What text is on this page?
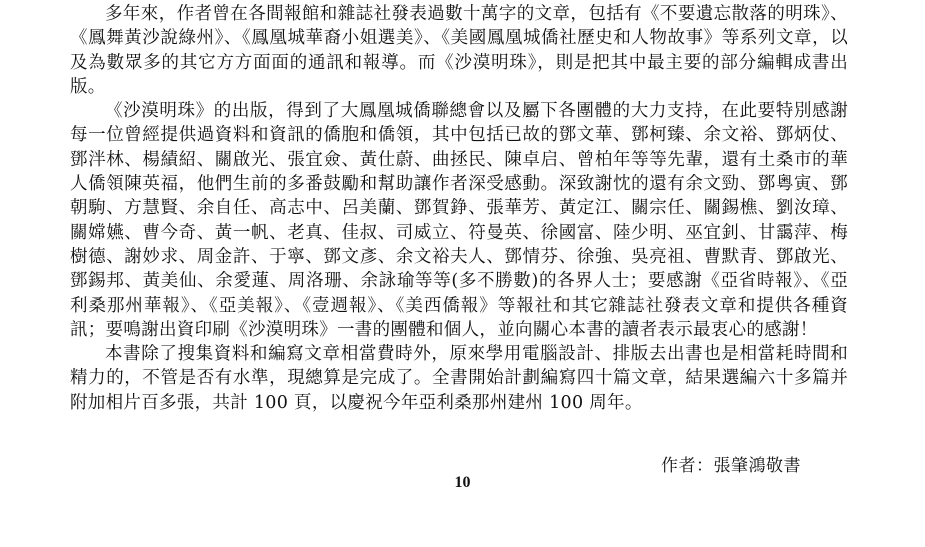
多年來，作者曾在各間報館和雜誌社發表過數十萬字的文章，包括有《不要遺忘散落的明珠》、《鳳舞黃沙說綠州》、《鳳凰城華裔小姐選美》、《美國鳳凰城僑社歷史和人物故事》等系列文章，以及為數眾多的其它方方面面的通訊和報導。而《沙漠明珠》，則是把其中最主要的部分編輯成書出版。

《沙漠明珠》的出版，得到了大鳳凰城僑聯總會以及屬下各團體的大力支持，在此要特別感謝每一位曾經提供過資料和資訊的僑胞和僑領，其中包括已故的鄧文華、鄧柯臻、余文裕、鄧炳仗、鄧泮林、楊績紹、關啟光、張宜僉、黃仕蔚、曲拯民、陳卓启、曾柏年等等先輩，還有土桑市的華人僑領陳英福，他們生前的多番鼓勵和幫助讓作者深受感動。深致謝忱的還有余文勁、鄧粵寅、鄧朝駒、方慧賢、余自任、高志中、呂美蘭、鄧賀錚、張華芳、黃定江、關宗任、關錫樵、劉汝璋、關嫦嬿、曹今奇、黃一帆、老真、佳叔、司威立、符曼英、徐國富、陸少明、巫宜釗、甘靄萍、梅樹德、謝妙求、周金許、于寧、鄧文彥、余文裕夫人、鄧情芬、徐強、吳亮祖、曹默青、鄧啟光、鄧錫邦、黃美仙、余愛蓮、周洛珊、余詠瑜等等(多不勝數)的各界人士；要感謝《亞省時報》、《亞利桑那州華報》、《亞美報》、《壹週報》、《美西僑報》等報社和其它雜誌社發表文章和提供各種資訊；要鳴謝出資印刷《沙漠明珠》一書的團體和個人，並向關心本書的讀者表示最衷心的感謝！

本書除了搜集資料和編寫文章相當費時外，原來學用電腦設計、排版去出書也是相當耗時間和精力的，不管是否有水準，現總算是完成了。全書開始計劃編寫四十篇文章，結果選編六十多篇并附加相片百多張，共計 100 頁，以慶祝今年亞利桑那州建州 100 周年。

作者：張肇鴻敬書
10
